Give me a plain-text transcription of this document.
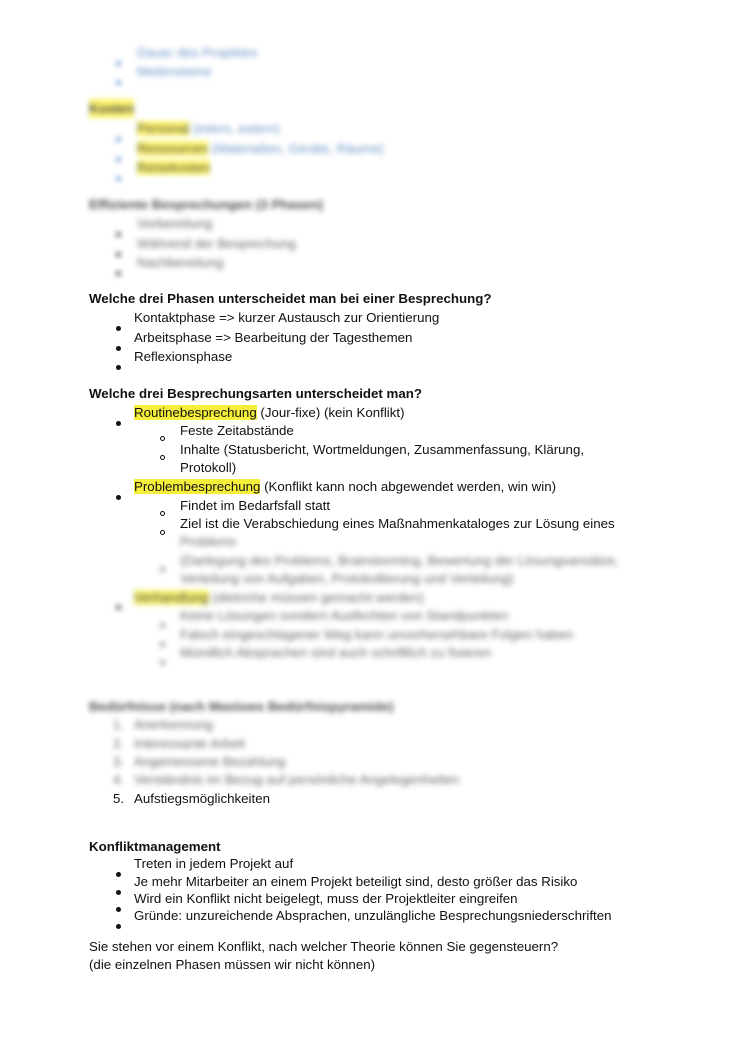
Dauer des Projektes
Meilensteine
Kosten
Personal (intern, extern)
Ressourcen (Materialien, Geräte, Räume)
Reisekosten
Effiziente Besprechungen (3 Phasen)
Vorbereitung
Während der Besprechung
Nachbereitung
Welche drei Phasen unterscheidet man bei einer Besprechung?
Kontaktphase => kurzer Austausch zur Orientierung
Arbeitsphase => Bearbeitung der Tagesthemen
Reflexionsphase
Welche drei Besprechungsarten unterscheidet man?
Routinebesprechung (Jour-fixe) (kein Konflikt)
Feste Zeitabstände
Inhalte (Statusbericht, Wortmeldungen, Zusammenfassung, Klärung,
Protokoll)
Problembesprechung (Konflikt kann noch abgewendet werden, win win)
Findet im Bedarfsfall statt
Ziel ist die Verabschiedung eines Maßnahmenkataloges zur Lösung eines
Problems
(Darlegung des Problems, Brainstorming, Bewertung der Lösungsansätze,
Verteilung von Aufgaben, Protokollierung und Verteilung)
Verhandlung (dietriche müssen gemacht werden)
Keine Lösungen sondern Ausfechten von Standpunkten
Falsch eingeschlagener Weg kann unvorhersehbare Folgen haben
Mündlich Absprachen sind auch schriftlich zu fixieren
Bedürfnisse (nach Maslows Bedürfnispyramide)
1. Anerkennung
2. Interessante Arbeit
3. Angemessene Bezahlung
4. Verständnis im Bezug auf persönliche Angelegenheiten
5. Aufstiegsmöglichkeiten
Konfliktmanagement
Treten in jedem Projekt auf
Je mehr Mitarbeiter an einem Projekt beteiligt sind, desto größer das Risiko
Wird ein Konflikt nicht beigelegt, muss der Projektleiter eingreifen
Gründe: unzureichende Absprachen, unzulängliche Besprechungsniederschriften
Sie stehen vor einem Konflikt, nach welcher Theorie können Sie gegensteuern?
(die einzelnen Phasen müssen wir nicht können)
